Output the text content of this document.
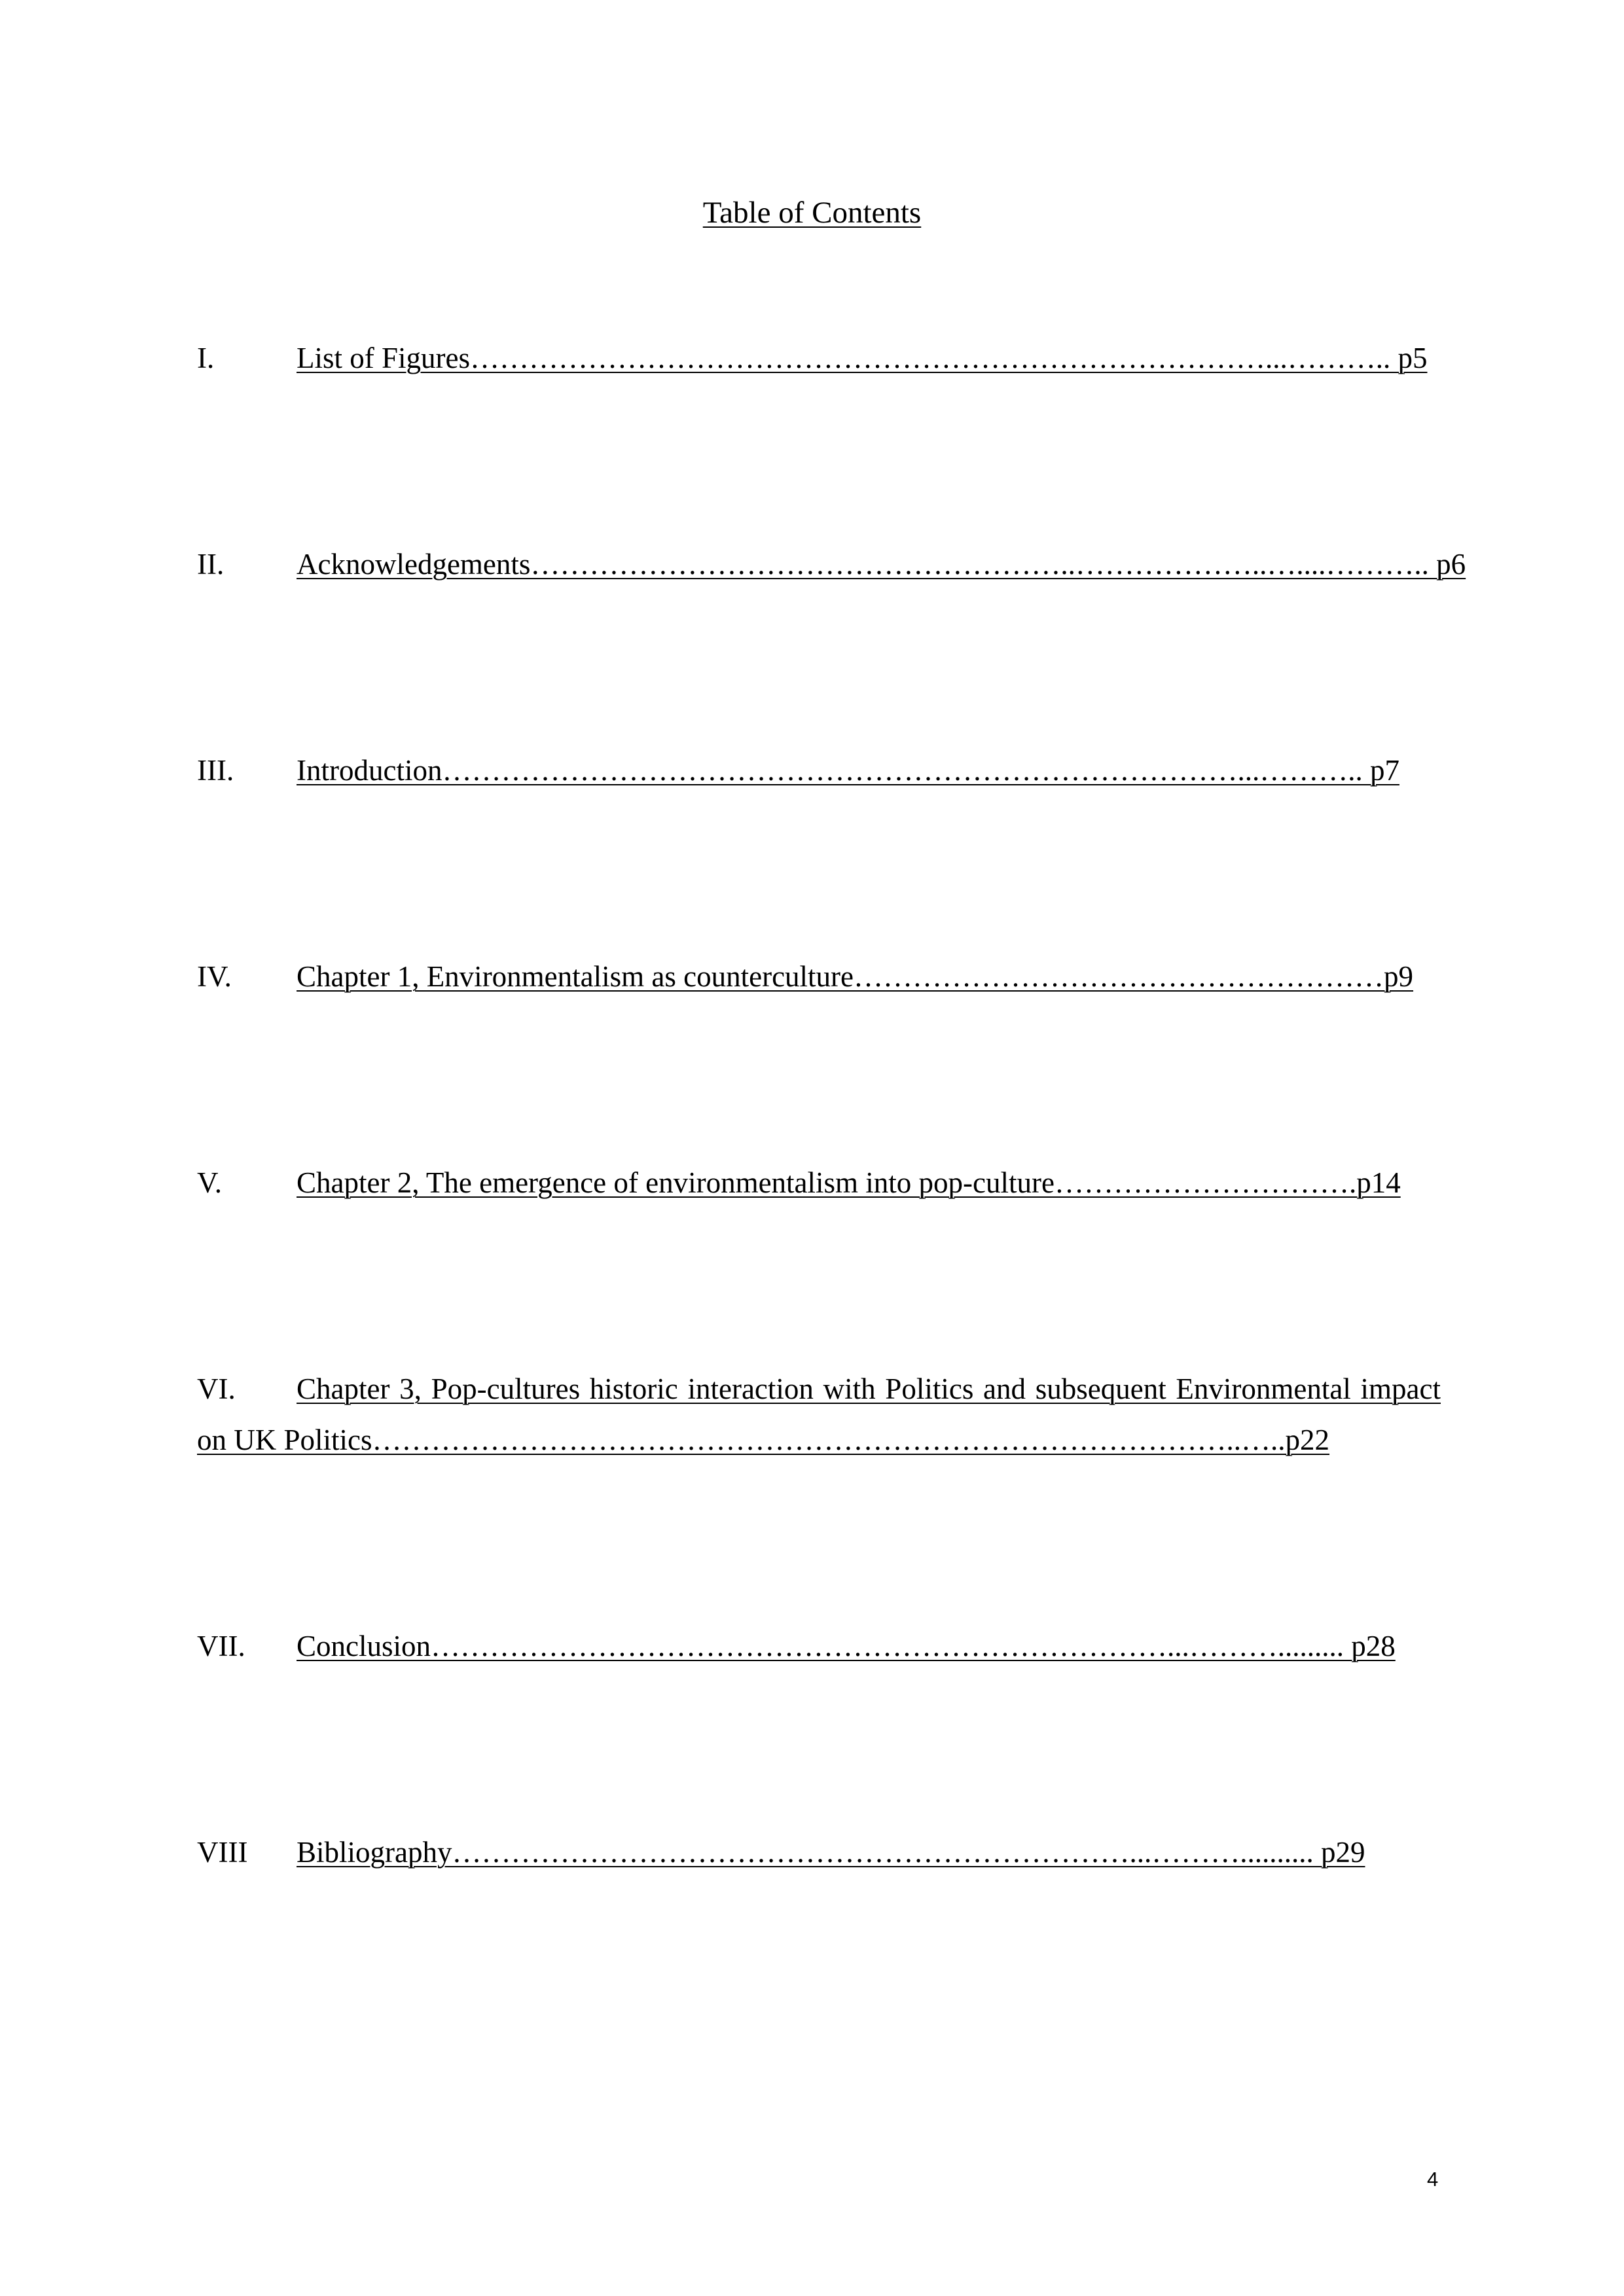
Table of Contents
I.	List of Figures………………………………………………………………………...……….. p5
II. Acknowledgements………………………………………………..………………..…....……….. p6
III. Introduction………………………………………………………………………...……….. p7
IV. Chapter 1, Environmentalism as counterculture………………………………………………p9
V.	Chapter 2, The emergence of environmentalism into pop-culture………………………….p14
VI. Chapter 3, Pop-cultures historic interaction with Politics and subsequent Environmental impact on UK Politics……………………………………………………………………………..…..p22
VII. Conclusion…………………………………………………………………...………......... p28
VIII Bibliography……………………………………………………………...……….......... p29
4
